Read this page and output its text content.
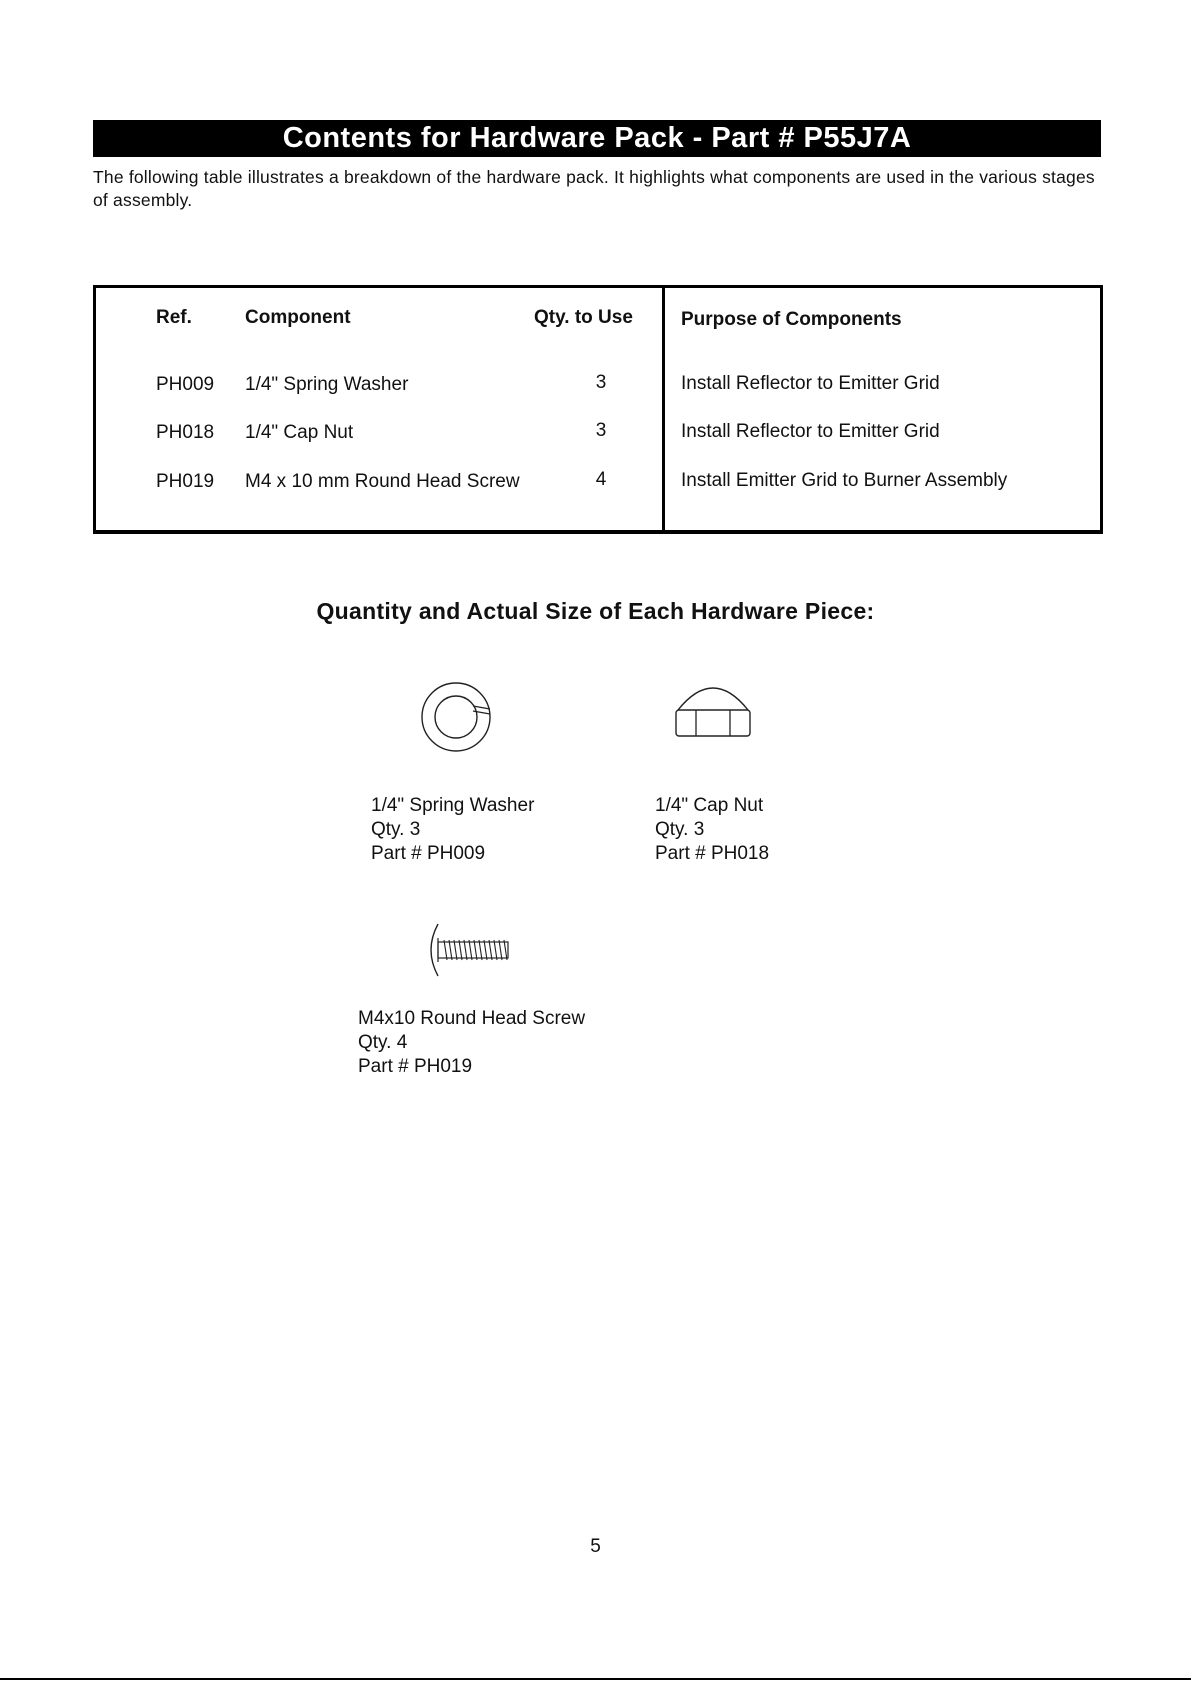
Contents for Hardware Pack - Part # P55J7A
The following table illustrates a breakdown of the hardware pack. It highlights what components are used in the various stages of assembly.
Ref.	Component	Qty. to Use	Purpose of Components
PH009 1/4" Spring Washer	3	Install Reflector to Emitter Grid
PH018 1/4" Cap Nut	3	Install Reflector to Emitter Grid
PH019 M4 x 10 mm Round Head Screw	4	Install Emitter Grid to Burner Assembly
Quantity and Actual Size of Each Hardware Piece:
1/4" Spring Washer
Qty. 3
Part # PH009
1/4" Cap Nut
Qty. 3
Part # PH018
M4x10 Round Head Screw
Qty. 4
Part # PH019
5
